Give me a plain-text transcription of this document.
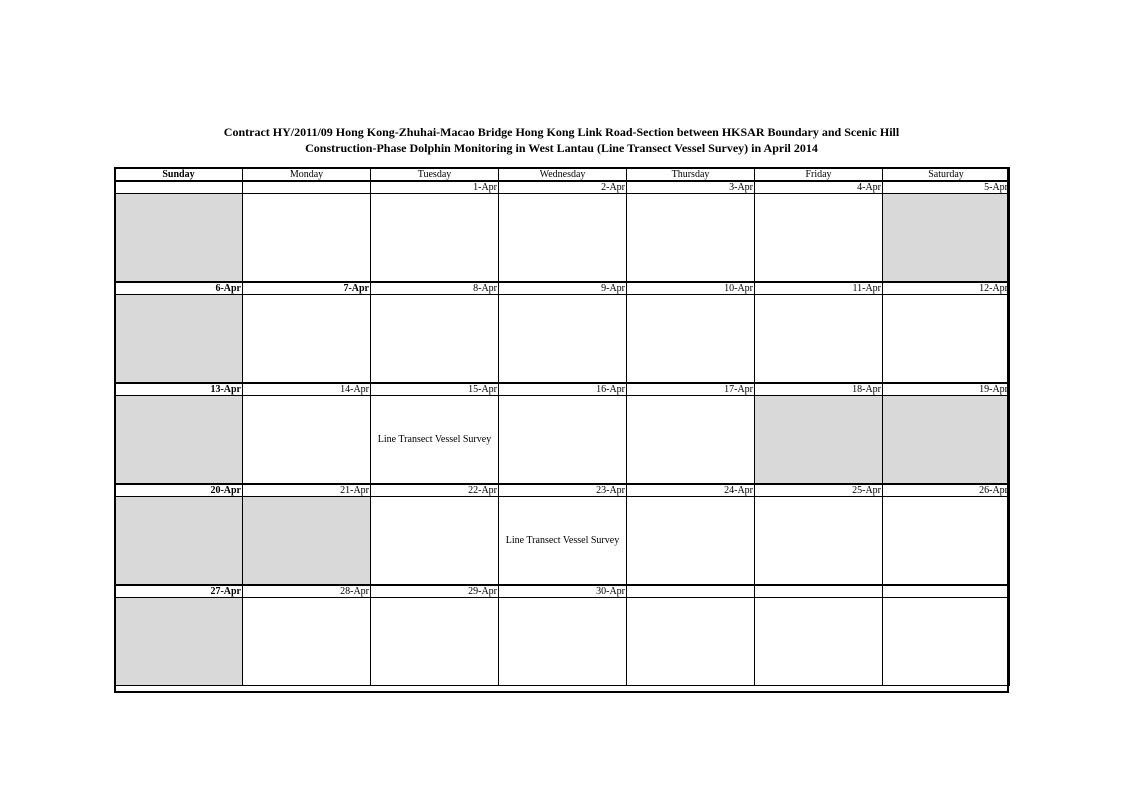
Contract HY/2011/09 Hong Kong-Zhuhai-Macao Bridge Hong Kong Link Road-Section between HKSAR Boundary and Scenic Hill
Construction-Phase Dolphin Monitoring in West Lantau (Line Transect Vessel Survey) in April 2014
Sunday	Monday	Tuesday	Wednesday	Thursday	Friday	Saturday
		1-Apr	2-Apr	3-Apr	4-Apr	5-Apr

6-Apr	7-Apr	8-Apr	9-Apr	10-Apr	11-Apr	12-Apr

13-Apr	14-Apr	15-Apr	16-Apr	17-Apr	18-Apr	19-Apr
		Line Transect Vessel Survey				
20-Apr	21-Apr	22-Apr	23-Apr	24-Apr	25-Apr	26-Apr
			Line Transect Vessel Survey			
27-Apr	28-Apr	29-Apr	30-Apr			
